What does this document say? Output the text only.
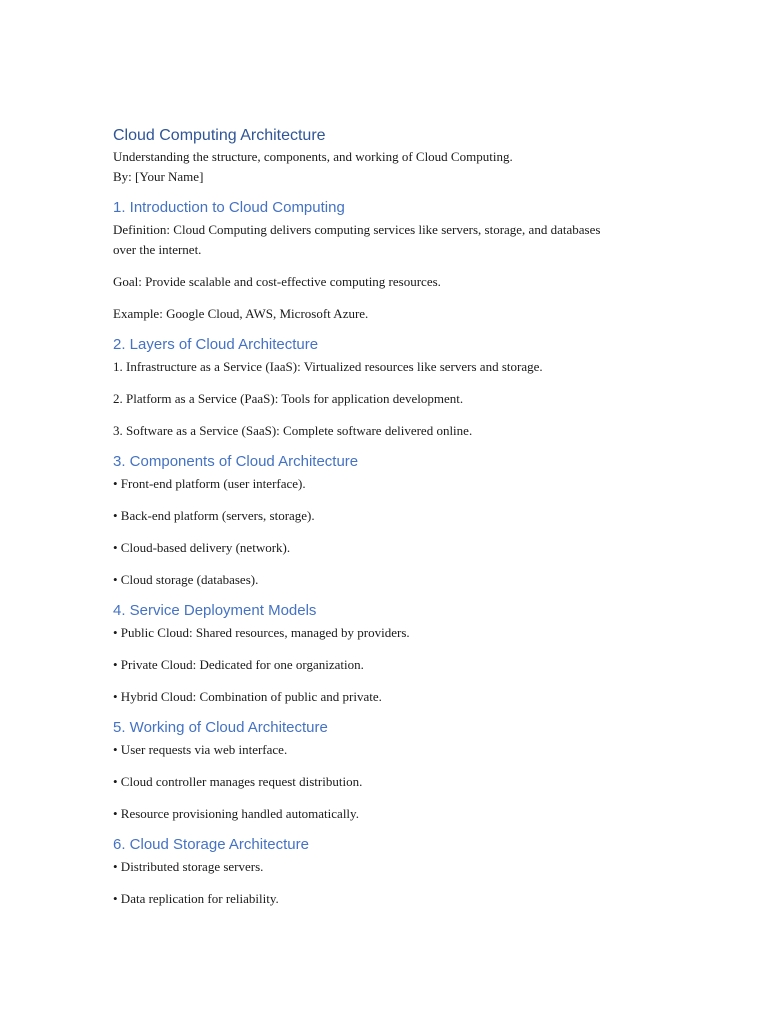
Cloud Computing Architecture

Understanding the structure, components, and working of Cloud Computing.

By: [Your Name]

1. Introduction to Cloud Computing

Definition: Cloud Computing delivers computing services like servers, storage, and databases over the internet.

Goal: Provide scalable and cost-effective computing resources.

Example: Google Cloud, AWS, Microsoft Azure.

2. Layers of Cloud Architecture

1. Infrastructure as a Service (IaaS): Virtualized resources like servers and storage.

2. Platform as a Service (PaaS): Tools for application development.

3. Software as a Service (SaaS): Complete software delivered online.

3. Components of Cloud Architecture

• Front-end platform (user interface).

• Back-end platform (servers, storage).

• Cloud-based delivery (network).

• Cloud storage (databases).

4. Service Deployment Models

• Public Cloud: Shared resources, managed by providers.

• Private Cloud: Dedicated for one organization.

• Hybrid Cloud: Combination of public and private.

5. Working of Cloud Architecture

• User requests via web interface.

• Cloud controller manages request distribution.

• Resource provisioning handled automatically.

6. Cloud Storage Architecture

• Distributed storage servers.

• Data replication for reliability.
